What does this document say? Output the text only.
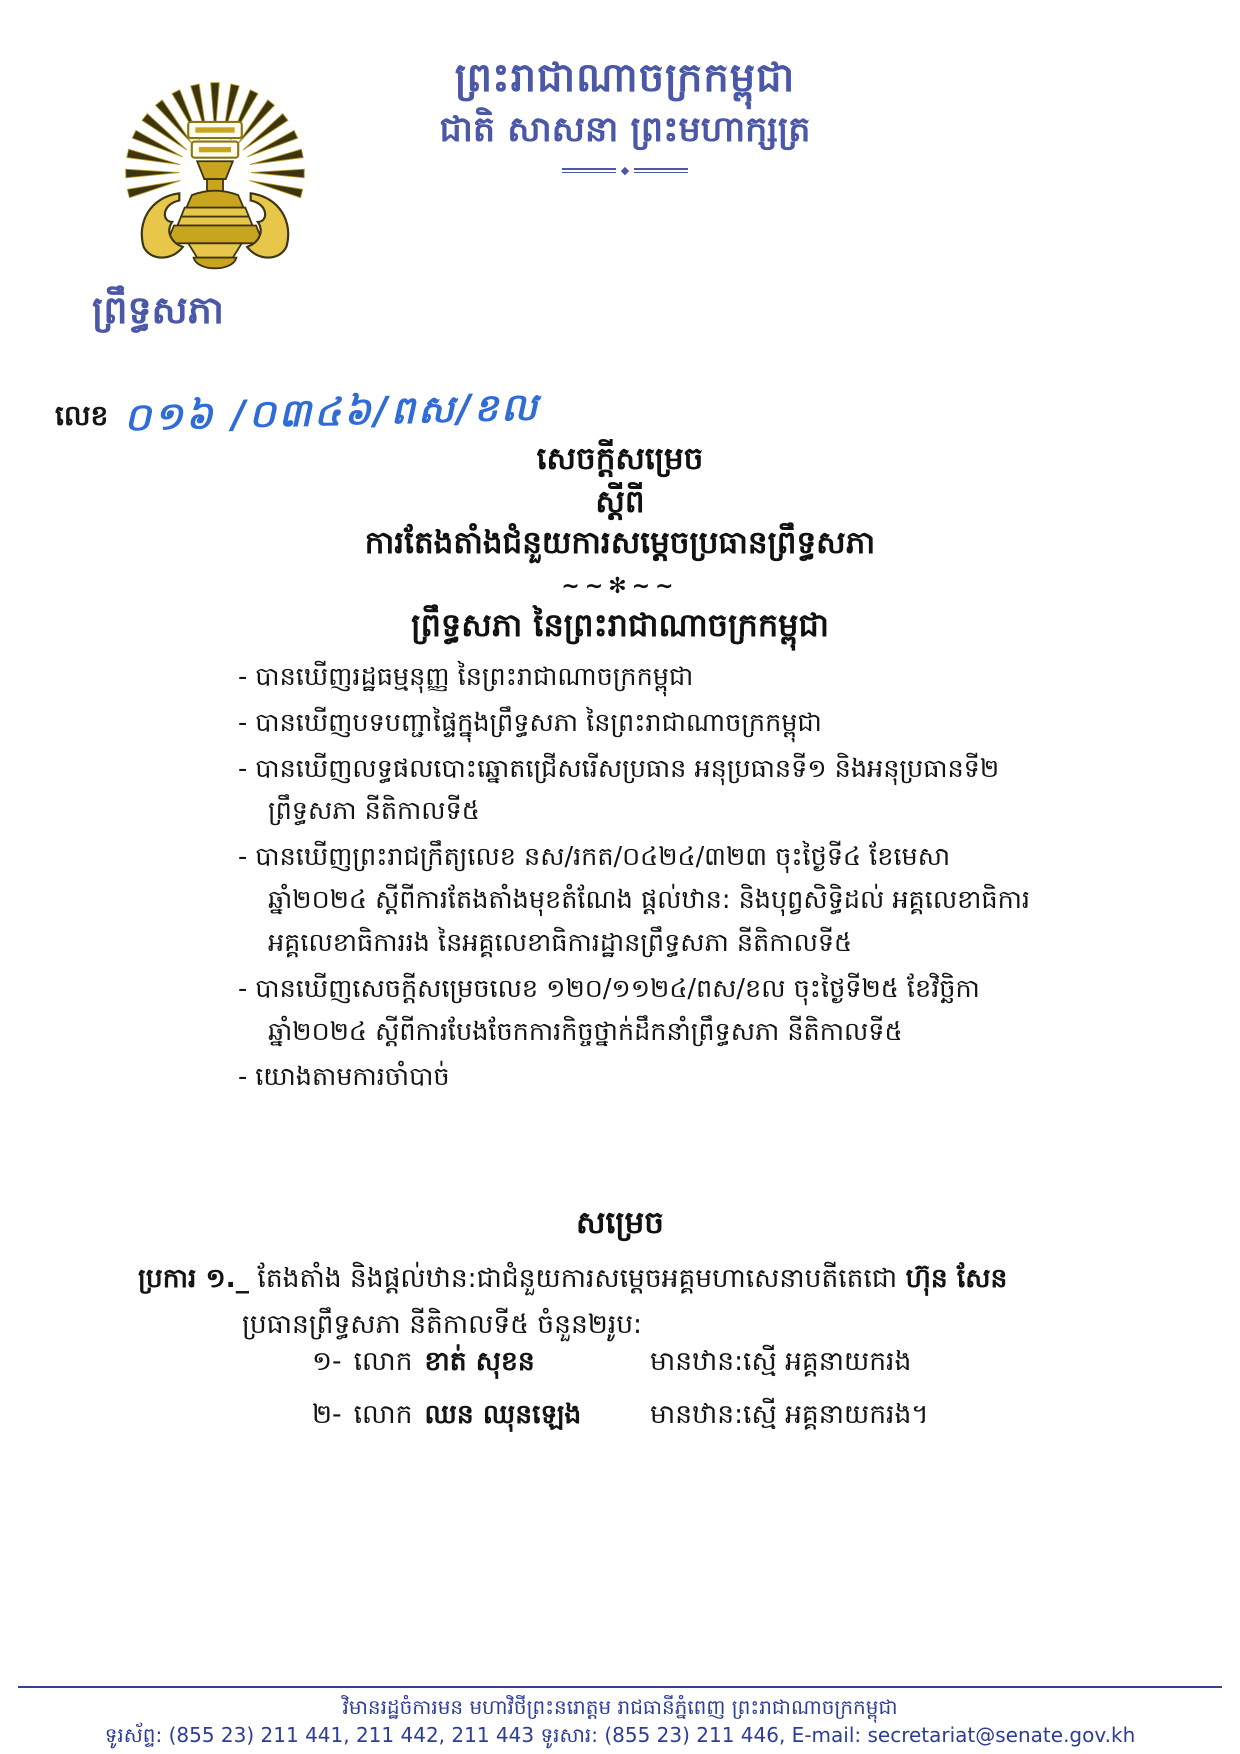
ព្រះរាជាណាចក្រកម្ពុជា
ជាតិ សាសនា ព្រះមហាក្សត្រ
◆
ព្រឹទ្ធសភា
លេខ ០១៦ /០៣៤៦/ពស/ខល
សេចក្តីសម្រេច
ស្តីពី
ការតែងតាំងជំនួយការសម្តេចប្រធានព្រឹទ្ធសភា
∼∼✻∼∼
ព្រឹទ្ធសភា នៃព្រះរាជាណាចក្រកម្ពុជា
- បានឃើញរដ្ឋធម្មនុញ្ញ នៃព្រះរាជាណាចក្រកម្ពុជា
- បានឃើញបទបញ្ជាផ្ទៃក្នុងព្រឹទ្ធសភា នៃព្រះរាជាណាចក្រកម្ពុជា
- បានឃើញលទ្ធផលបោះឆ្នោតជ្រើសរើសប្រធាន អនុប្រធានទី១ និងអនុប្រធានទី២ ព្រឹទ្ធសភា នីតិកាលទី៥
- បានឃើញព្រះរាជក្រឹត្យលេខ នស/រកត/០៤២៤/៣២៣ ចុះថ្ងៃទី៤ ខែមេសា ឆ្នាំ២០២៤ ស្តីពីការតែងតាំងមុខតំណែង ផ្តល់ឋាន: និងបុព្វសិទ្ធិដល់ អគ្គលេខាធិការ អគ្គលេខាធិការរង នៃអគ្គលេខាធិការដ្ឋានព្រឹទ្ធសភា នីតិកាលទី៥
- បានឃើញសេចក្តីសម្រេចលេខ ១២០/១១២៤/ពស/ខល ចុះថ្ងៃទី២៥ ខែវិច្ឆិកា ឆ្នាំ២០២៤ ស្តីពីការបែងចែកការកិច្ចថ្នាក់ដឹកនាំព្រឹទ្ធសភា នីតិកាលទី៥
- យោងតាមការចាំបាច់
សម្រេច
ប្រការ ១._ តែងតាំង និងផ្តល់ឋាន:ជាជំនួយការសម្តេចអគ្គមហាសេនាបតីតេជោ ហ៊ុន សែន
ប្រធានព្រឹទ្ធសភា នីតិកាលទី៥ ចំនួន២រូប:
១- លោក ខាត់ សុខន	មានឋាន:ស្មើ អគ្គនាយករង
២- លោក ឈន ឈុនឡេង	មានឋាន:ស្មើ អគ្គនាយករង។
វិមានរដ្ឋចំការមន មហាវិថីព្រះនរោត្តម រាជធានីភ្នំពេញ ព្រះរាជាណាចក្រកម្ពុជា
ទូរស័ព្ទ: (855 23) 211 441, 211 442, 211 443 ទូរសារ: (855 23) 211 446, E-mail: secretariat@senate.gov.kh
